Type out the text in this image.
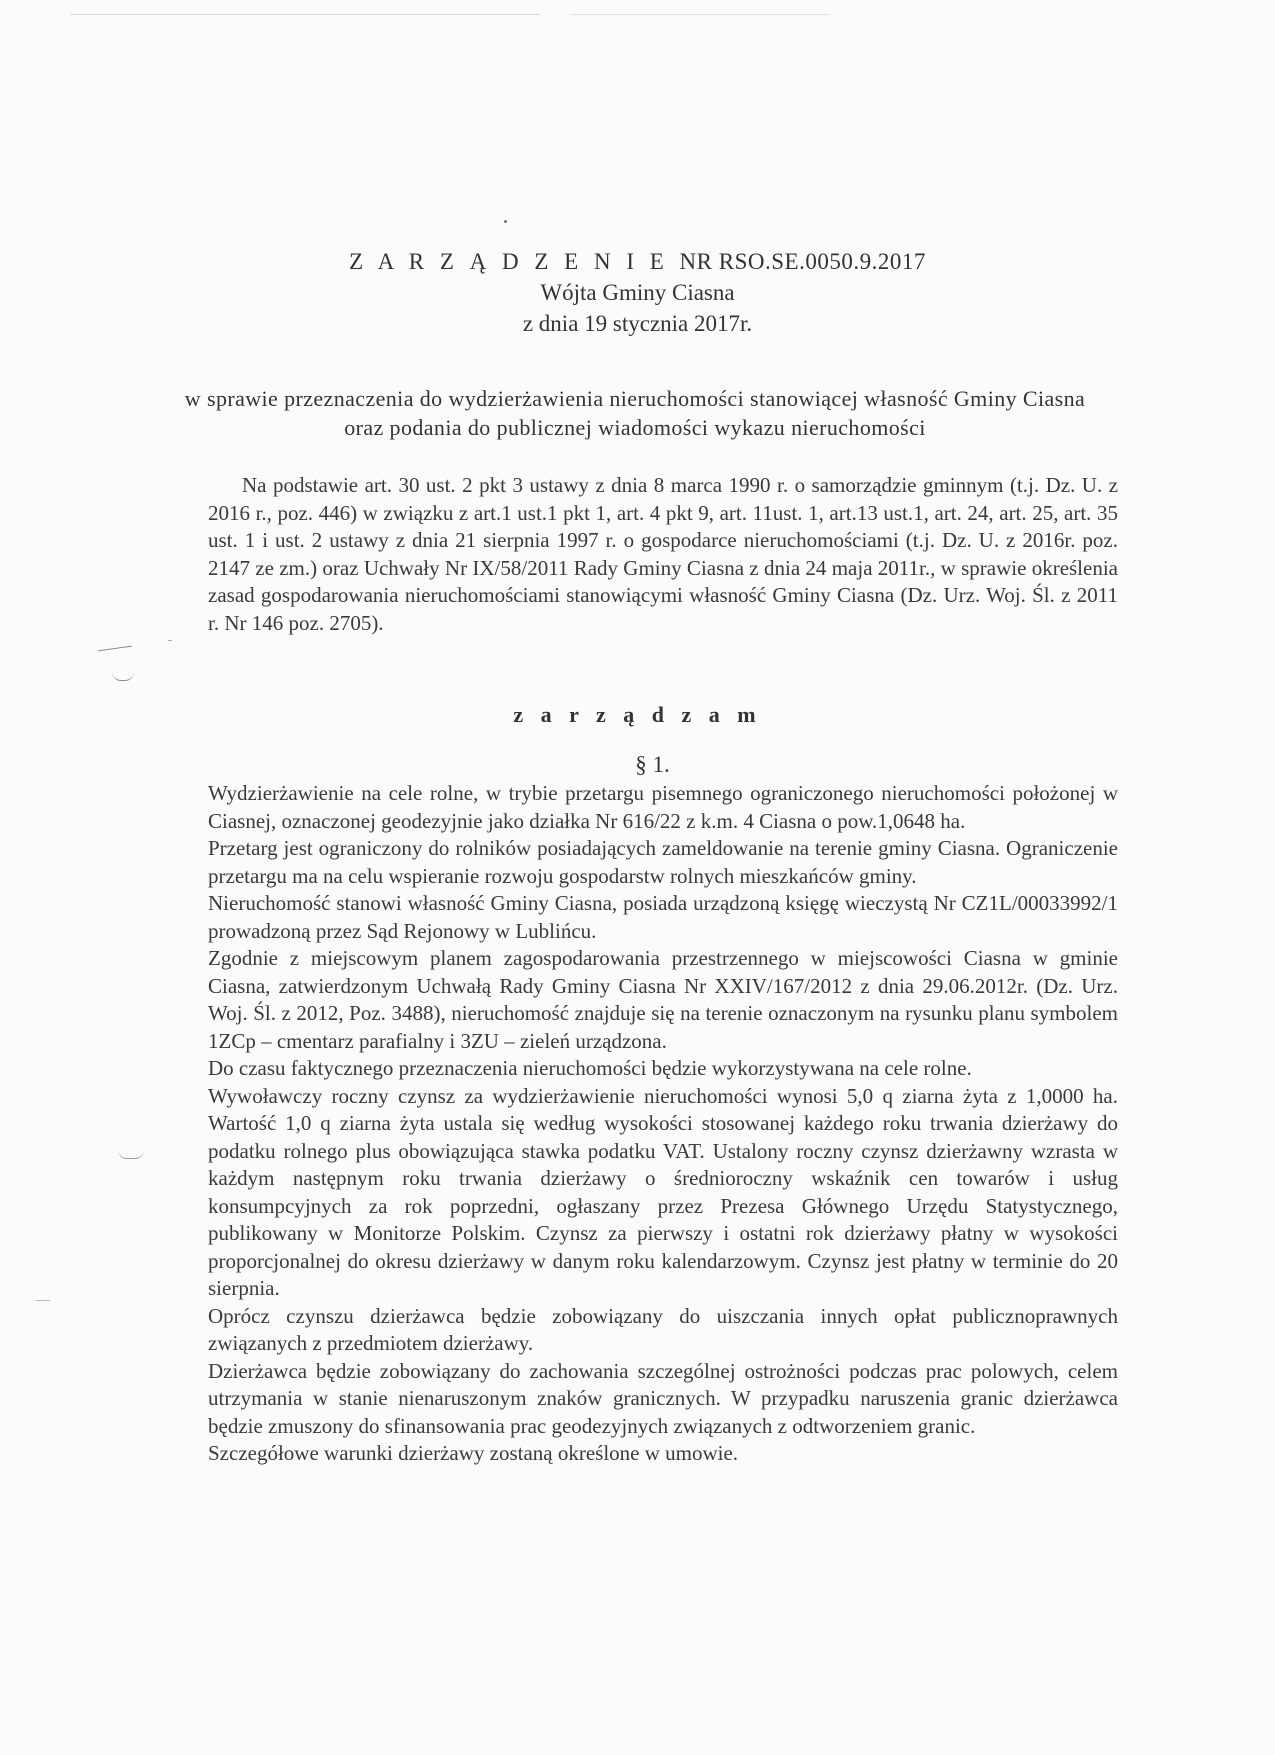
Z A R Z Ą D Z E N I E NR RSO.SE.0050.9.2017
Wójta Gminy Ciasna
z dnia 19 stycznia 2017r.
w sprawie przeznaczenia do wydzierżawienia nieruchomości stanowiącej własność Gminy Ciasna oraz podania do publicznej wiadomości wykazu nieruchomości
Na podstawie art. 30 ust. 2 pkt 3 ustawy z dnia 8 marca 1990 r. o samorządzie gminnym (t.j. Dz. U. z 2016 r., poz. 446) w związku z art.1 ust.1 pkt 1, art. 4 pkt 9, art. 11ust. 1, art.13 ust.1, art. 24, art. 25, art. 35 ust. 1 i ust. 2 ustawy z dnia 21 sierpnia 1997 r. o gospodarce nieruchomościami (t.j. Dz. U. z 2016r. poz. 2147 ze zm.) oraz Uchwały Nr IX/58/2011 Rady Gminy Ciasna z dnia 24 maja 2011r., w sprawie określenia zasad gospodarowania nieruchomościami stanowiącymi własność Gminy Ciasna (Dz. Urz. Woj. Śl. z 2011 r. Nr 146 poz. 2705).
z a r z ą d z a m
§ 1.

Wydzierżawienie na cele rolne, w trybie przetargu pisemnego ograniczonego nieruchomości położonej w Ciasnej, oznaczonej geodezyjnie jako działka Nr 616/22 z k.m. 4 Ciasna o pow.1,0648 ha.

Przetarg jest ograniczony do rolników posiadających zameldowanie na terenie gminy Ciasna. Ograniczenie przetargu ma na celu wspieranie rozwoju gospodarstw rolnych mieszkańców gminy.

Nieruchomość stanowi własność Gminy Ciasna, posiada urządzoną księgę wieczystą Nr CZ1L/00033992/1 prowadzoną przez Sąd Rejonowy w Lublińcu.

Zgodnie z miejscowym planem zagospodarowania przestrzennego w miejscowości Ciasna w gminie Ciasna, zatwierdzonym Uchwałą Rady Gminy Ciasna Nr XXIV/167/2012 z dnia 29.06.2012r. (Dz. Urz. Woj. Śl. z 2012, Poz. 3488), nieruchomość znajduje się na terenie oznaczonym na rysunku planu symbolem 1ZCp – cmentarz parafialny i 3ZU – zieleń urządzona.

Do czasu faktycznego przeznaczenia nieruchomości będzie wykorzystywana na cele rolne.

Wywoławczy roczny czynsz za wydzierżawienie nieruchomości wynosi 5,0 q ziarna żyta z 1,0000 ha. Wartość 1,0 q ziarna żyta ustala się według wysokości stosowanej każdego roku trwania dzierżawy do podatku rolnego plus obowiązująca stawka podatku VAT. Ustalony roczny czynsz dzierżawny wzrasta w każdym następnym roku trwania dzierżawy o średnioroczny wskaźnik cen towarów i usług konsumpcyjnych za rok poprzedni, ogłaszany przez Prezesa Głównego Urzędu Statystycznego, publikowany w Monitorze Polskim. Czynsz za pierwszy i ostatni rok dzierżawy płatny w wysokości proporcjonalnej do okresu dzierżawy w danym roku kalendarzowym. Czynsz jest płatny w terminie do 20 sierpnia.

Oprócz czynszu dzierżawca będzie zobowiązany do uiszczania innych opłat publicznoprawnych związanych z przedmiotem dzierżawy.

Dzierżawca będzie zobowiązany do zachowania szczególnej ostrożności podczas prac polowych, celem utrzymania w stanie nienaruszonym znaków granicznych. W przypadku naruszenia granic dzierżawca będzie zmuszony do sfinansowania prac geodezyjnych związanych z odtworzeniem granic.

Szczegółowe warunki dzierżawy zostaną określone w umowie.
